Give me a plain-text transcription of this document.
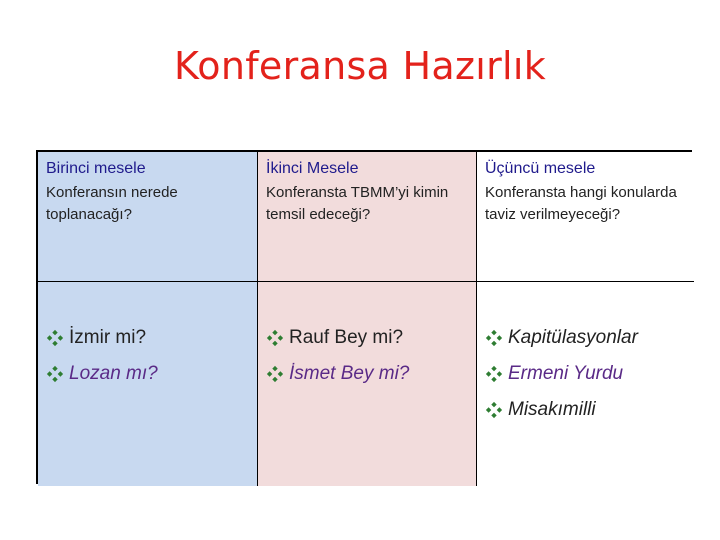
Konferansa Hazırlık
Birinci mesele
Konferansın nerede toplanacağı?
İkinci Mesele
Konferansta TBMM’yi kimin temsil edeceği?
Üçüncü mesele
Konferansta hangi konularda taviz verilmeyeceği?
İzmir mi?
Lozan mı?
Rauf Bey mi?
İsmet Bey mi?
Kapitülasyonlar
Ermeni Yurdu
Misakımilli
